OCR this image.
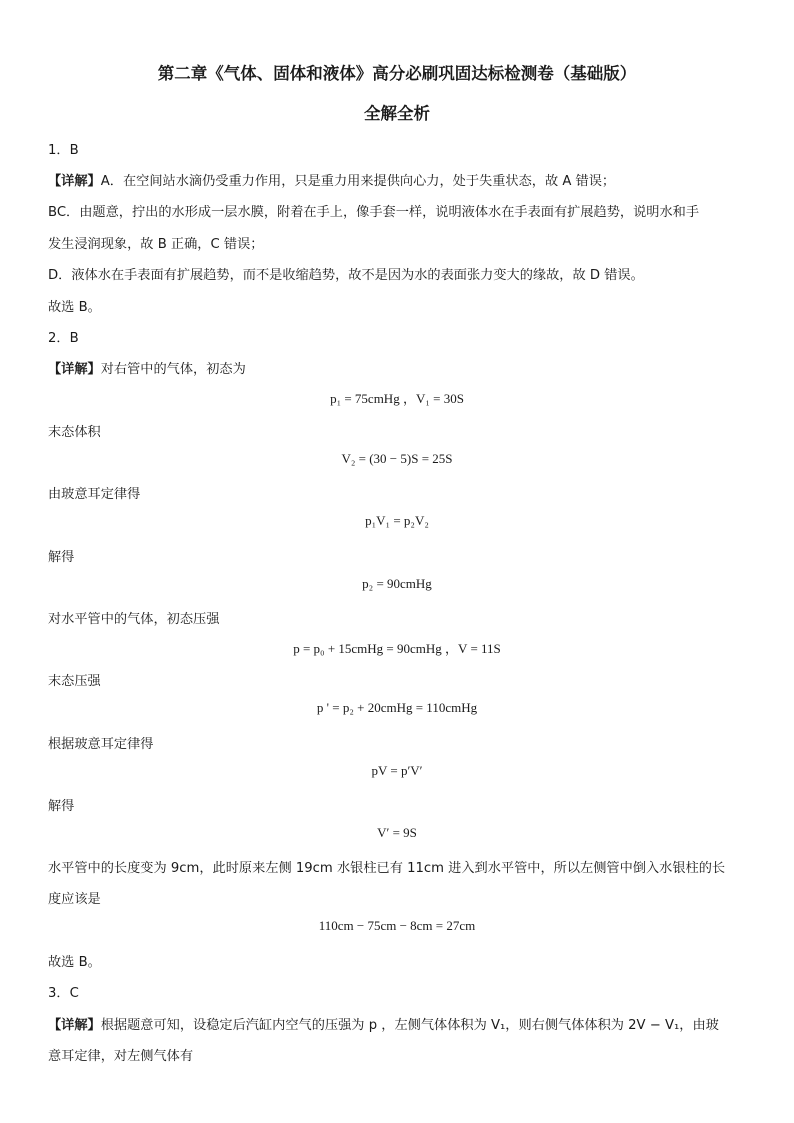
第二章《气体、固体和液体》高分必刷巩固达标检测卷（基础版）
全解全析
1．B
【详解】A．在空间站水滴仍受重力作用，只是重力用来提供向心力，处于失重状态，故 A 错误；
BC．由题意，拧出的水形成一层水膜，附着在手上，像手套一样，说明液体水在手表面有扩展趋势，说明水和手
发生浸润现象，故 B 正确，C 错误；
D．液体水在手表面有扩展趋势，而不是收缩趋势，故不是因为水的表面张力变大的缘故，故 D 错误。
故选 B。
2．B
【详解】对右管中的气体，初态为
p₁ = 75cmHg ，V₁ = 30S
末态体积
V₂ = (30 − 5)S = 25S
由玻意耳定律得
p₁V₁ = p₂V₂
解得
p₂ = 90cmHg
对水平管中的气体，初态压强
p = p₀ + 15cmHg = 90cmHg ，V = 11S
末态压强
p ' = p₂ + 20cmHg = 110cmHg
根据玻意耳定律得
pV = p′V′
解得
V′ = 9S
水平管中的长度变为 9cm，此时原来左侧 19cm 水银柱已有 11cm 进入到水平管中，所以左侧管中倒入水银柱的长
度应该是
110cm − 75cm − 8cm = 27cm
故选 B。
3．C
【详解】根据题意可知，设稳定后汽缸内空气的压强为 p ，左侧气体体积为 V₁，则右侧气体体积为 2V − V₁，由玻
意耳定律，对左侧气体有
